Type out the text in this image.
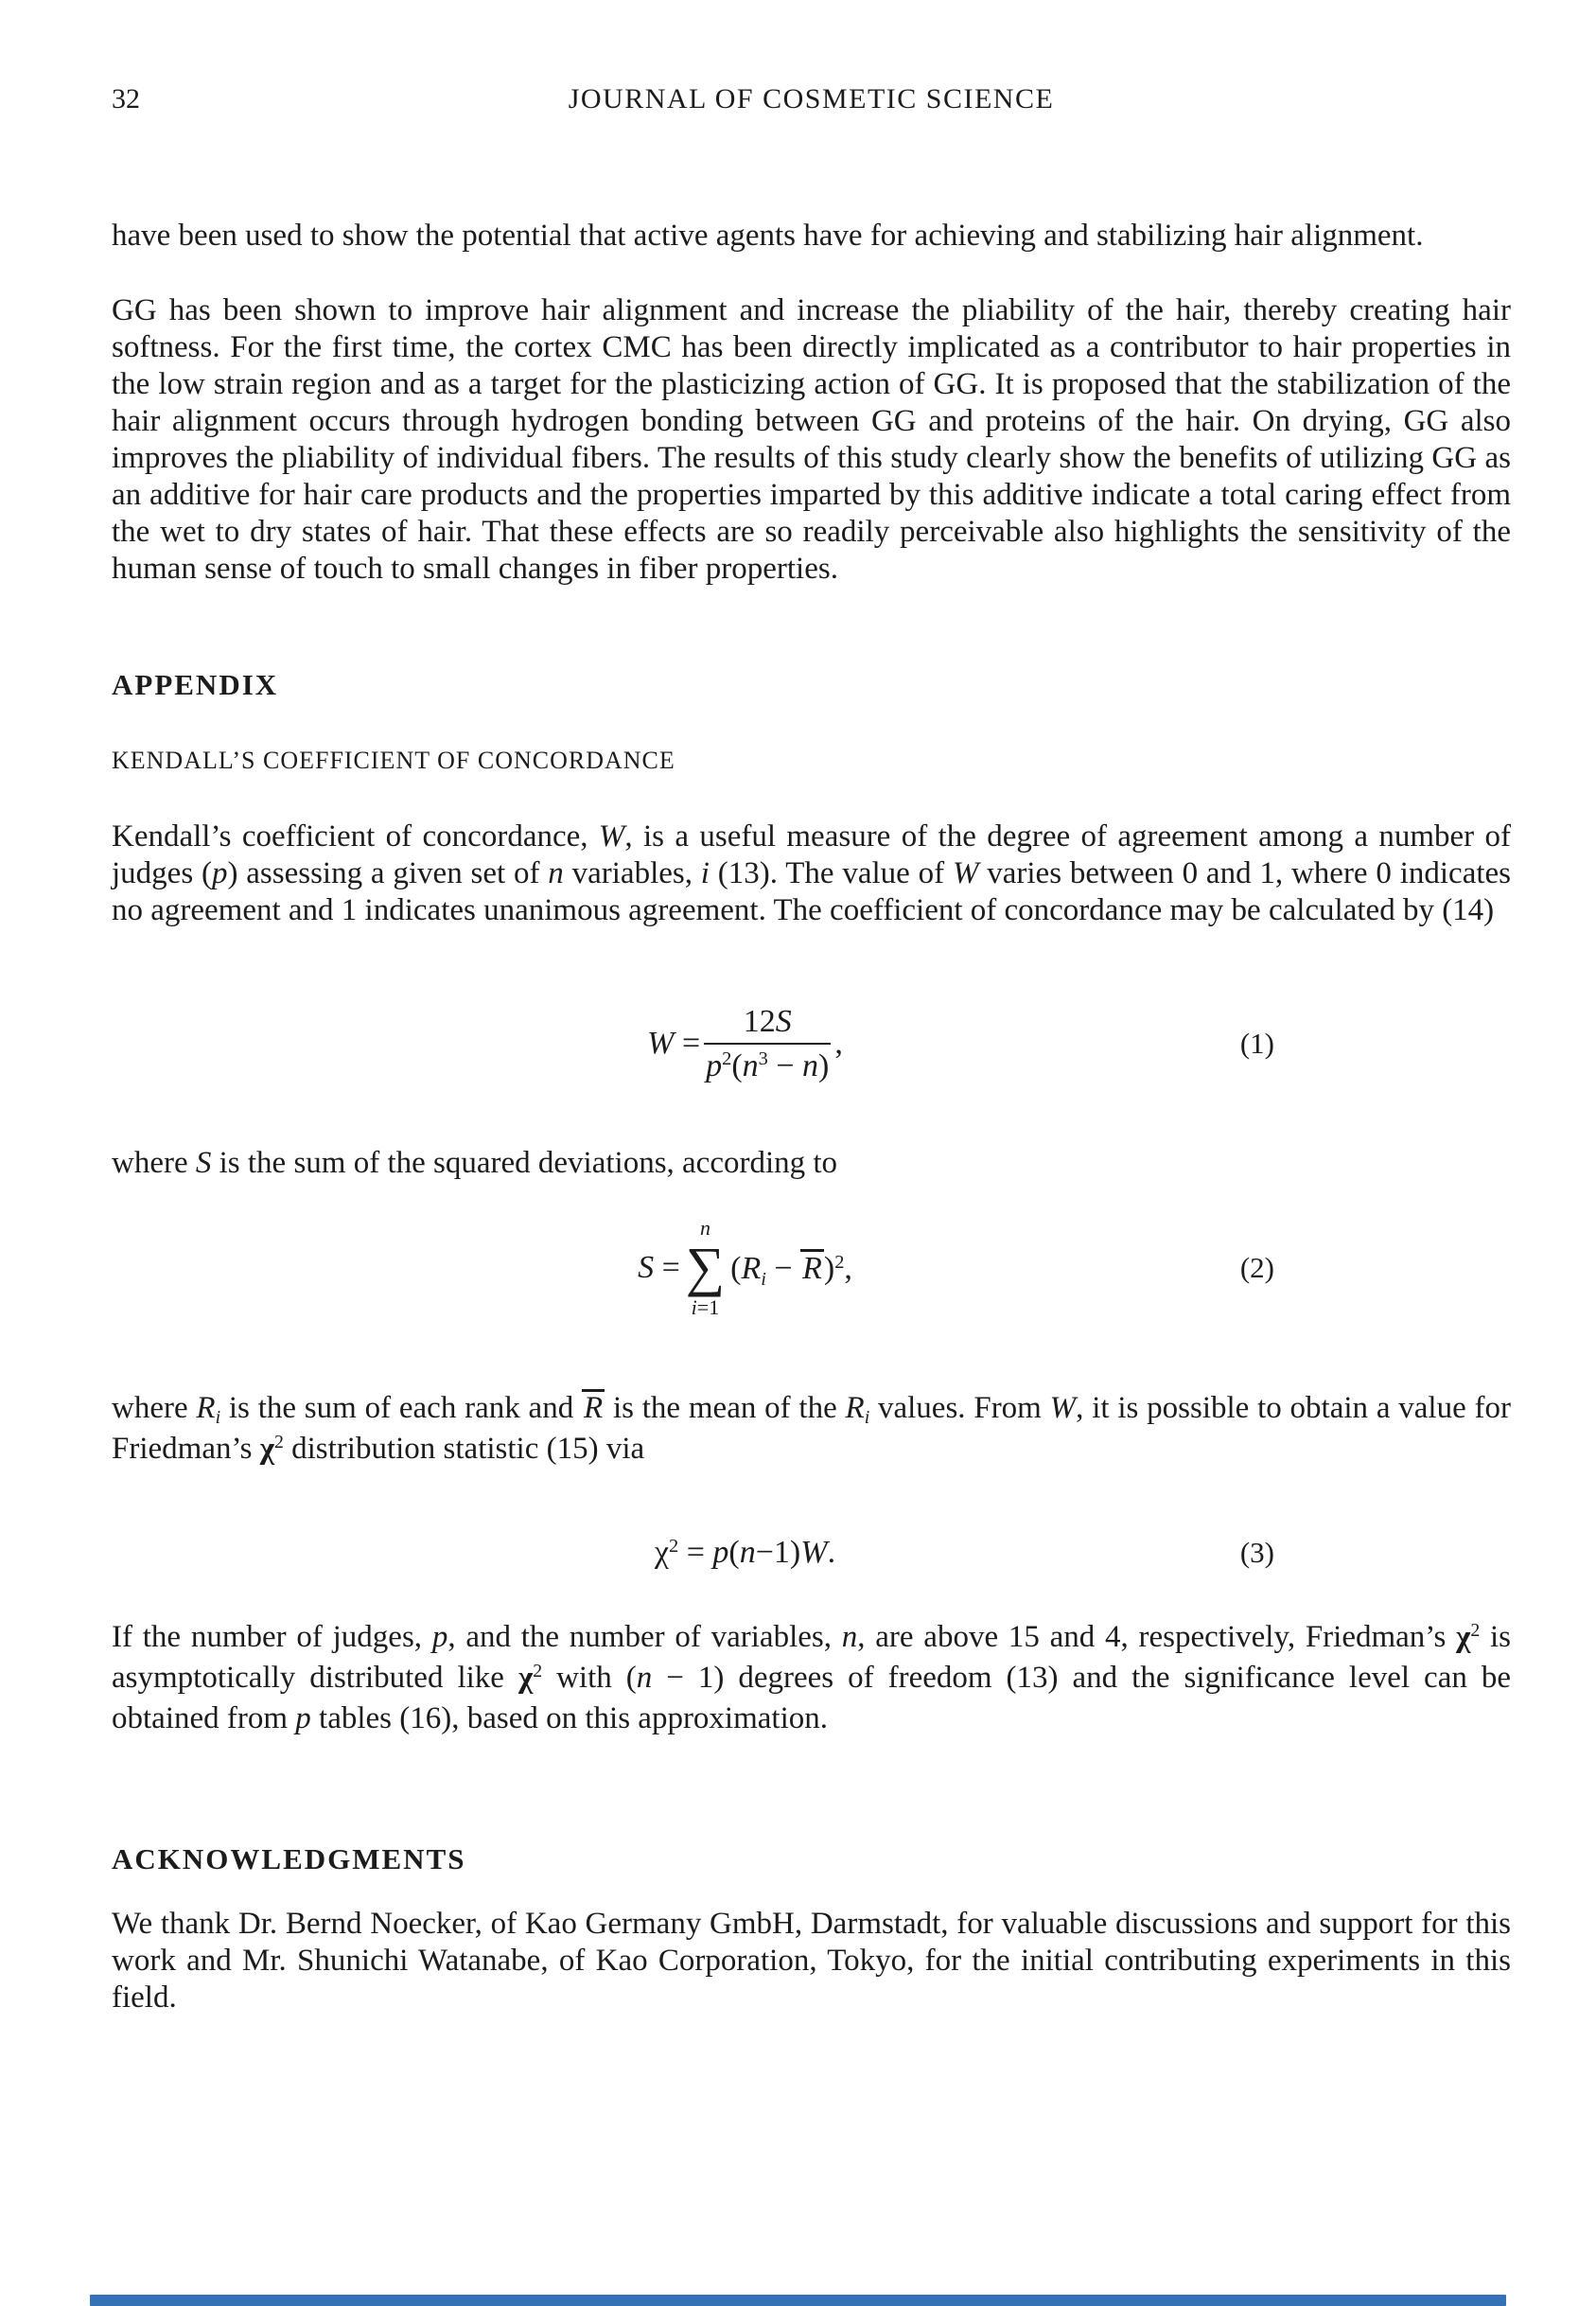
32	JOURNAL OF COSMETIC SCIENCE

have been used to show the potential that active agents have for achieving and stabilizing hair alignment.

GG has been shown to improve hair alignment and increase the pliability of the hair, thereby creating hair softness. For the first time, the cortex CMC has been directly implicated as a contributor to hair properties in the low strain region and as a target for the plasticizing action of GG. It is proposed that the stabilization of the hair alignment occurs through hydrogen bonding between GG and proteins of the hair. On drying, GG also improves the pliability of individual fibers. The results of this study clearly show the benefits of utilizing GG as an additive for hair care products and the properties imparted by this additive indicate a total caring effect from the wet to dry states of hair. That these effects are so readily perceivable also highlights the sensitivity of the human sense of touch to small changes in fiber properties.

APPENDIX
KENDALL’S COEFFICIENT OF CONCORDANCE

Kendall’s coefficient of concordance, W, is a useful measure of the degree of agreement among a number of judges (p) assessing a given set of n variables, i (13). The value of W varies between 0 and 1, where 0 indicates no agreement and 1 indicates unanimous agreement. The coefficient of concordance may be calculated by (14)

$W = \frac{12S}{p^2(n^3 - n)}$ ,	(1)

where S is the sum of the squared deviations, according to

S =
n
∑
i=1
$(Ri - R)^2$,	(2)

where Ri is the sum of each rank and R is the mean of the Ri values. From W, it is possible to obtain a value for Friedman’s $\chi^2$ distribution statistic (15) via

$\chi^2 = p(n-1)W$.	(3)

If the number of judges, p, and the number of variables, n, are above 15 and 4, respectively, Friedman’s $\chi^2$ is asymptotically distributed like $\chi^2$ with (n − 1) degrees of freedom (13) and the significance level can be obtained from p tables (16), based on this approximation.

ACKNOWLEDGMENTS

We thank Dr. Bernd Noecker, of Kao Germany GmbH, Darmstadt, for valuable discussions and support for this work and Mr. Shunichi Watanabe, of Kao Corporation, Tokyo, for the initial contributing experiments in this field.
